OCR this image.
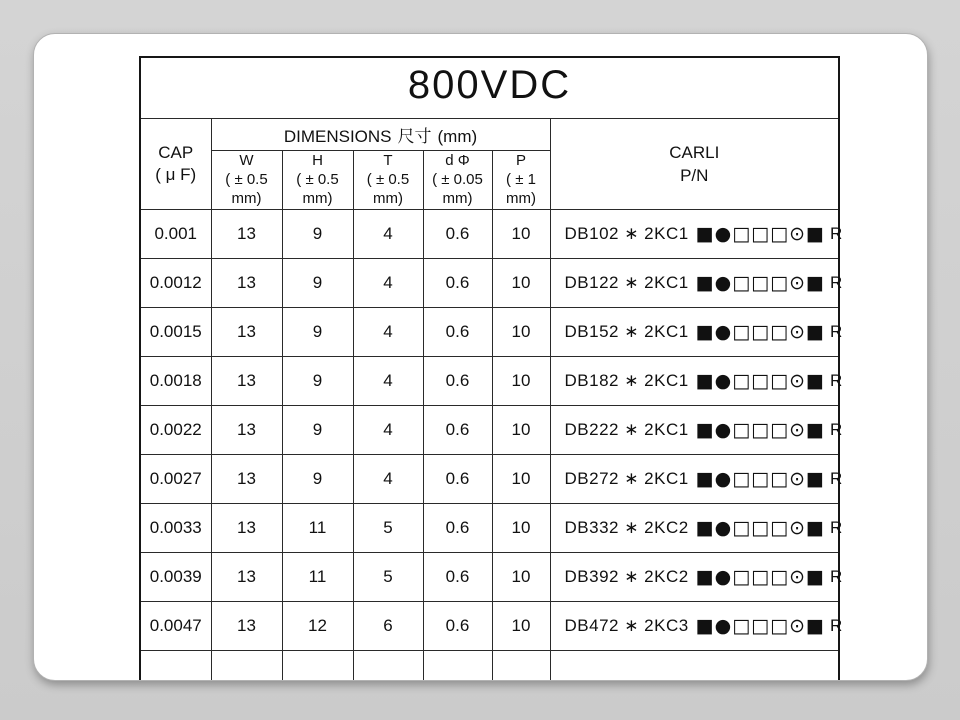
800VDC						

CAP
( μ F)
	DIMENSIONS 尺寸 (mm)	
CARLI
P/N

W
( ± 0.5
mm)

H
( ± 0.5
mm)

T
( ± 0.5
mm)

d Φ
( ± 0.05
mm)

P
( ± 1
mm)

0.001	13	9	4	0.6	10	DB102 ∗ 2KC1 ■●□□□⊙■ R
0.0012	13	9	4	0.6	10	DB122 ∗ 2KC1 ■●□□□⊙■ R
0.0015	13	9	4	0.6	10	DB152 ∗ 2KC1 ■●□□□⊙■ R
0.0018	13	9	4	0.6	10	DB182 ∗ 2KC1 ■●□□□⊙■ R
0.0022	13	9	4	0.6	10	DB222 ∗ 2KC1 ■●□□□⊙■ R
0.0027	13	9	4	0.6	10	DB272 ∗ 2KC1 ■●□□□⊙■ R
0.0033	13	11	5	0.6	10	DB332 ∗ 2KC2 ■●□□□⊙■ R
0.0039	13	11	5	0.6	10	DB392 ∗ 2KC2 ■●□□□⊙■ R
0.0047	13	12	6	0.6	10	DB472 ∗ 2KC3 ■●□□□⊙■ R
